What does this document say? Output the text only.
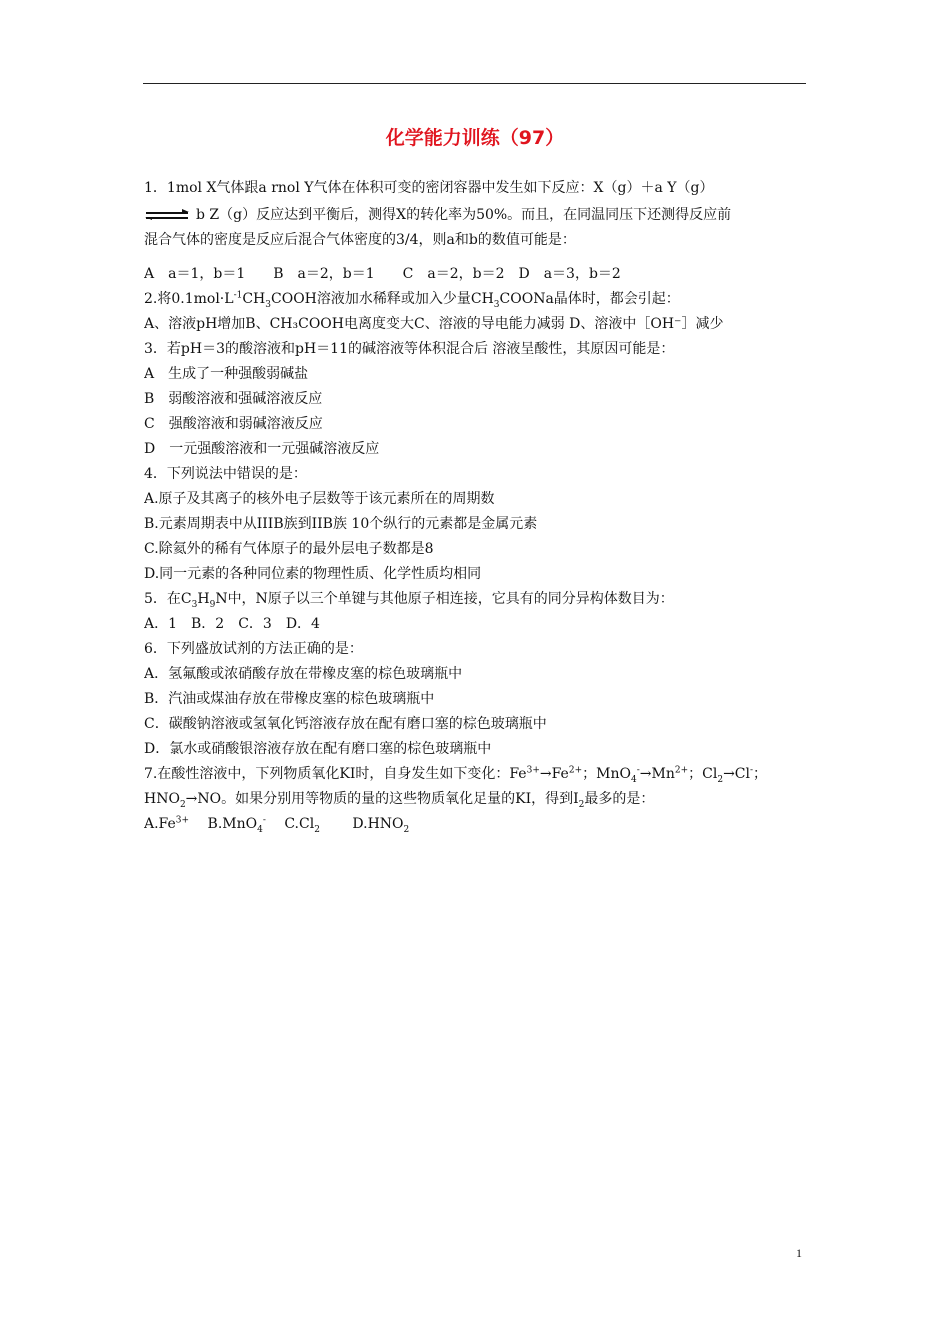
化学能力训练（97）
1．1mol X气体跟a rnol Y气体在体积可变的密闭容器中发生如下反应：X（g）＋a Y（g）
b Z（g）反应达到平衡后，测得X的转化率为50%。而且，在同温同压下还测得反应前
混合气体的密度是反应后混合气体密度的3/4，则a和b的数值可能是：
A　a＝1，b＝1　　B　a＝2，b＝1　　C　a＝2，b＝2　D　a＝3，b＝2
2.将$0.1mol\cdot L^{-1}CH_3COOH$溶液加水稀释或加入少量$CH_3COONa$晶体时，都会引起：
A、溶液pH增加B、CH₃COOH电离度变大C、溶液的导电能力减弱 D、溶液中［OH⁻］减少
3．若pH＝3的酸溶液和pH＝11的碱溶液等体积混合后 溶液呈酸性，其原因可能是：
A　生成了一种强酸弱碱盐
B　弱酸溶液和强碱溶液反应
C　强酸溶液和弱碱溶液反应
D　一元强酸溶液和一元强碱溶液反应
4．下列说法中错误的是：
A.原子及其离子的核外电子层数等于该元素所在的周期数
B.元素周期表中从IIIB族到IIB族 10个纵行的元素都是金属元素
C.除氦外的稀有气体原子的最外层电子数都是8
D.同一元素的各种同位素的物理性质、化学性质均相同
5．在$C_3H_9N$中，N原子以三个单键与其他原子相连接，它具有的同分异构体数目为：
A．1　B．2　C．3　D．4
6．下列盛放试剂的方法正确的是：
A．氢氟酸或浓硝酸存放在带橡皮塞的棕色玻璃瓶中
B．汽油或煤油存放在带橡皮塞的棕色玻璃瓶中
C．碳酸钠溶液或氢氧化钙溶液存放在配有磨口塞的棕色玻璃瓶中
D．氯水或硝酸银溶液存放在配有磨口塞的棕色玻璃瓶中
7.在酸性溶液中，下列物质氧化KI时，自身发生如下变化：$Fe^{3+}\to Fe^{2+}$；$MnO_4^-\to Mn^{2+}$；$Cl_2\to Cl^-$；
$HNO_2\to NO$。如果分别用等物质的量的这些物质氧化足量的KI，得到$I_2$最多的是：
$A.Fe^{3+}$　 B.MnO$_4$-　 $C.Cl_2$　　 $D.HNO_2$
1
